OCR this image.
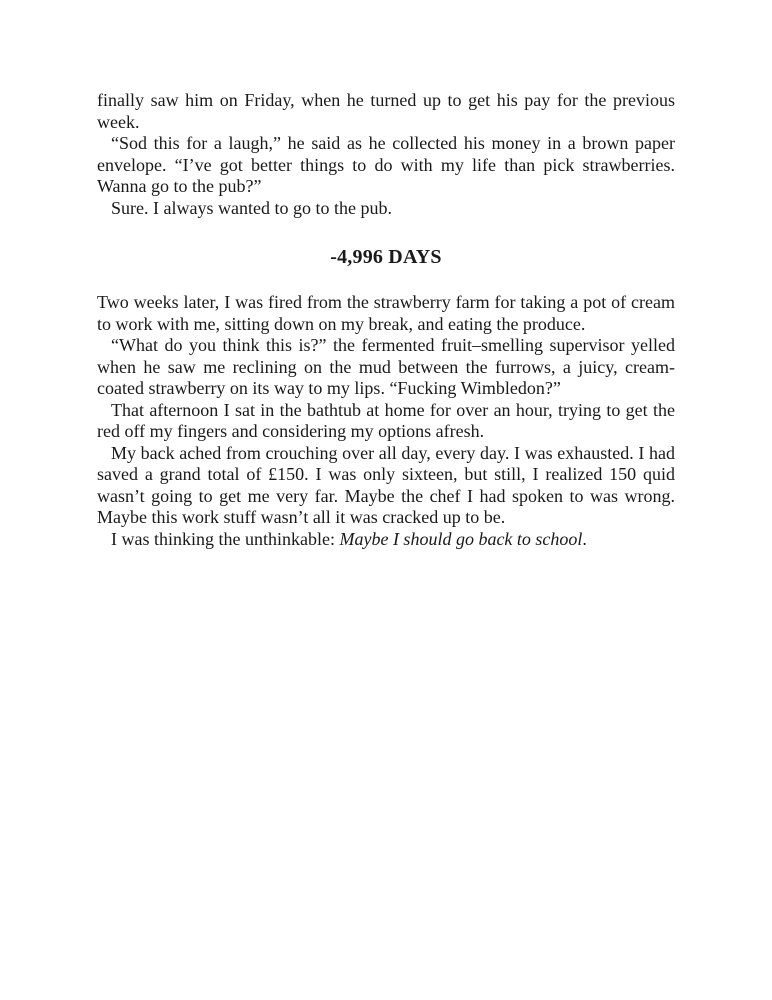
finally saw him on Friday, when he turned up to get his pay for the previous week.

“Sod this for a laugh,” he said as he collected his money in a brown paper envelope. “I’ve got better things to do with my life than pick strawberries. Wanna go to the pub?”

Sure. I always wanted to go to the pub.

-4,996 DAYS

Two weeks later, I was fired from the strawberry farm for taking a pot of cream to work with me, sitting down on my break, and eating the produce.

“What do you think this is?” the fermented fruit–smelling supervisor yelled when he saw me reclining on the mud between the furrows, a juicy, cream-coated strawberry on its way to my lips. “Fucking Wimbledon?”

That afternoon I sat in the bathtub at home for over an hour, trying to get the red off my fingers and considering my options afresh.

My back ached from crouching over all day, every day. I was exhausted. I had saved a grand total of £150. I was only sixteen, but still, I realized 150 quid wasn’t going to get me very far. Maybe the chef I had spoken to was wrong. Maybe this work stuff wasn’t all it was cracked up to be.

I was thinking the unthinkable: Maybe I should go back to school.
